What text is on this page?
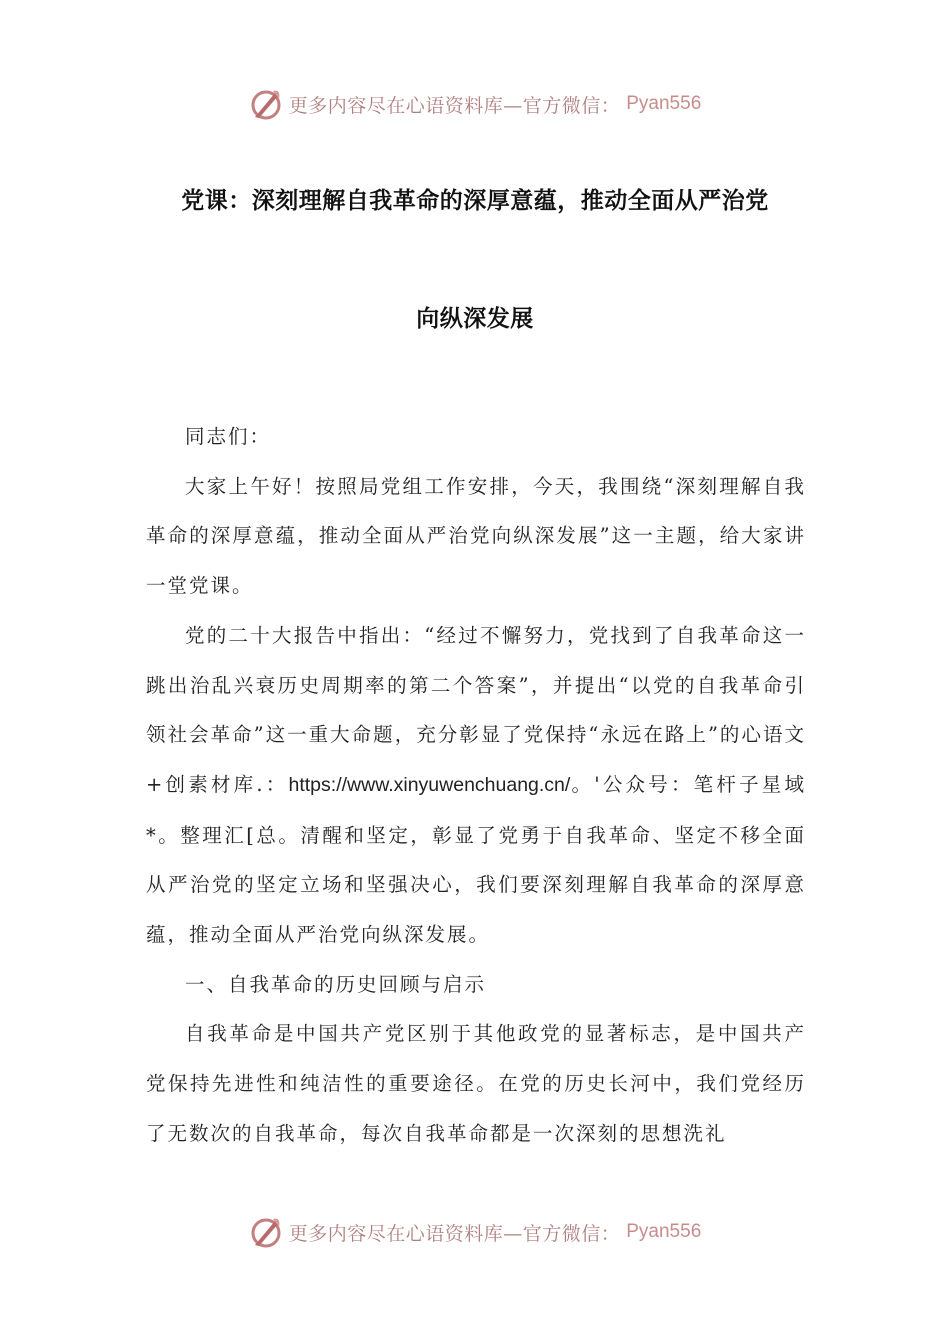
更多内容尽在心语资料库—官方微信： Pyan556
党课：深刻理解自我革命的深厚意蕴，推动全面从严治党
向纵深发展

同志们：

大家上午好！按照局党组工作安排，今天，我围绕“深刻理解自我革命的深厚意蕴，推动全面从严治党向纵深发展”这一主题，给大家讲一堂党课。

党的二十大报告中指出：“经过不懈努力，党找到了自我革命这一跳出治乱兴衰历史周期率的第二个答案”，并提出“以党的自我革命引领社会革命”这一重大命题，充分彰显了党保持“永远在路上”的心语文+创素材库.：https://www.xinyuwenchuang.cn/。'公众号：笔杆子星域*。整理汇[总。清醒和坚定，彰显了党勇于自我革命、坚定不移全面从严治党的坚定立场和坚强决心，我们要深刻理解自我革命的深厚意蕴，推动全面从严治党向纵深发展。

一、自我革命的历史回顾与启示

自我革命是中国共产党区别于其他政党的显著标志，是中国共产党保持先进性和纯洁性的重要途径。在党的历史长河中，我们党经历了无数次的自我革命，每次自我革命都是一次深刻的思想洗礼

更多内容尽在心语资料库—官方微信： Pyan556
